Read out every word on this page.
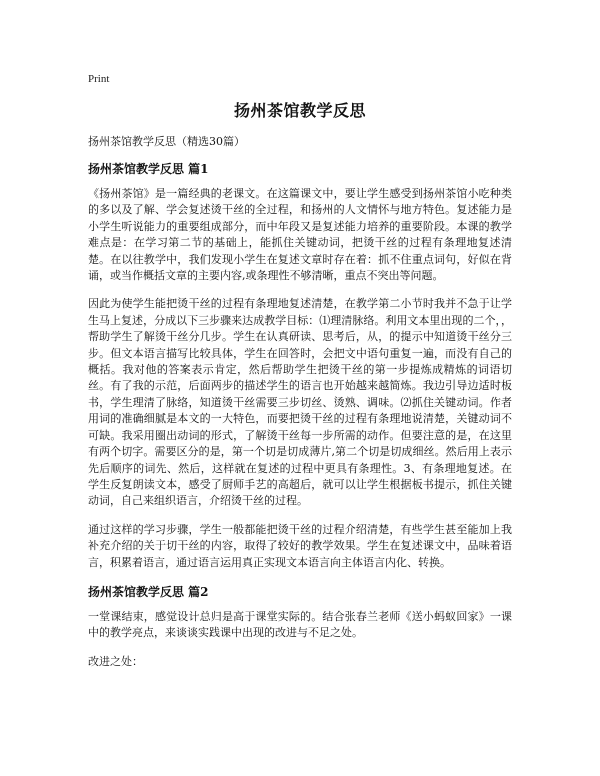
Print

扬州茶馆教学反思

扬州茶馆教学反思（精选30篇）

扬州茶馆教学反思 篇1

《扬州茶馆》是一篇经典的老课文。在这篇课文中，要让学生感受到扬州茶馆小吃种类的多以及了解、学会复述烫干丝的全过程，和扬州的人文情怀与地方特色。复述能力是小学生听说能力的重要组成部分，而中年段又是复述能力培养的重要阶段。本课的教学难点是：在学习第二节的基础上，能抓住关键动词，把烫干丝的过程有条理地复述清楚。在以往教学中，我们发现小学生在复述文章时存在着：抓不住重点词句，好似在背诵，或当作概括文章的主要内容,或条理性不够清晰，重点不突出等问题。

因此为使学生能把烫干丝的过程有条理地复述清楚，在教学第二小节时我并不急于让学生马上复述，分成以下三步骤来达成教学目标：⑴理清脉络。利用文本里出现的二个，，帮助学生了解烫干丝分几步。学生在认真研读、思考后，从，的提示中知道烫干丝分三步。但文本语言描写比较具体，学生在回答时，会把文中语句重复一遍，而没有自己的概括。我对他的答案表示肯定，然后帮助学生把烫干丝的第一步提炼成精炼的词语切丝。有了我的示范，后面两步的描述学生的语言也开始越来越简炼。我边引导边适时板书，学生理清了脉络，知道烫干丝需要三步切丝、烫熟、调味。⑵抓住关键动词。作者用词的准确细腻是本文的一大特色，而要把烫干丝的过程有条理地说清楚，关键动词不可缺。我采用圈出动词的形式，了解烫干丝每一步所需的动作。但要注意的是，在这里有两个切字。需要区分的是，第一个切是切成薄片,第二个切是切成细丝。然后用上表示先后顺序的词先、然后，这样就在复述的过程中更具有条理性。3、有条理地复述。在学生反复朗读文本，感受了厨师手艺的高超后，就可以让学生根据板书提示，抓住关键动词，自己来组织语言，介绍烫干丝的过程。

通过这样的学习步骤，学生一般都能把烫干丝的过程介绍清楚，有些学生甚至能加上我补充介绍的关于切干丝的内容，取得了较好的教学效果。学生在复述课文中，品味着语言，积累着语言，通过语言运用真正实现文本语言向主体语言内化、转换。

扬州茶馆教学反思 篇2

一堂课结束，感觉设计总归是高于课堂实际的。结合张春兰老师《送小蚂蚁回家》一课中的教学亮点，来谈谈实践课中出现的改进与不足之处。

改进之处：
